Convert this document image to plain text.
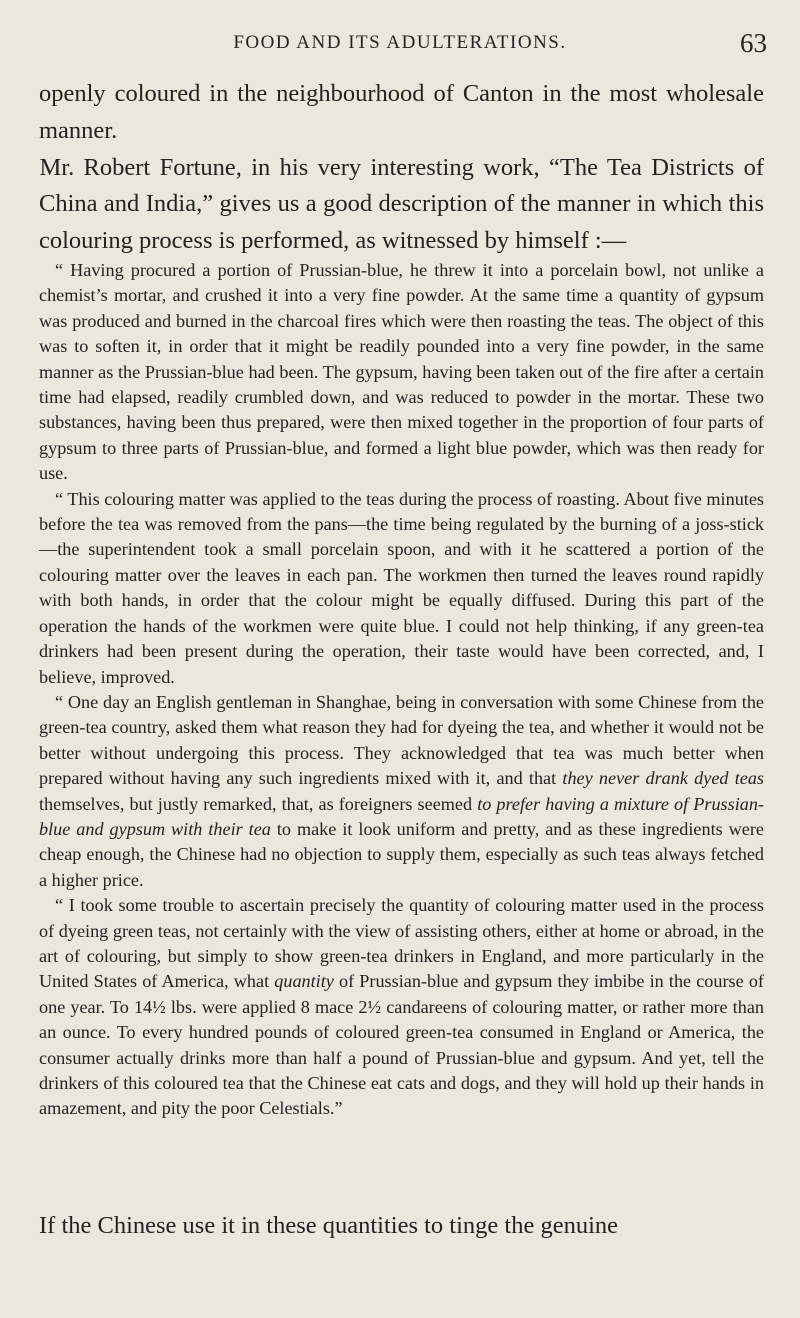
FOOD AND ITS ADULTERATIONS.	63

openly coloured in the neighbourhood of Canton in the most wholesale manner.

Mr. Robert Fortune, in his very interesting work, “The Tea Districts of China and India,” gives us a good description of the manner in which this colouring process is performed, as witnessed by himself :—

“ Having procured a portion of Prussian-blue, he threw it into a porcelain bowl, not unlike a chemist’s mortar, and crushed it into a very fine powder. At the same time a quantity of gypsum was produced and burned in the charcoal fires which were then roasting the teas. The object of this was to soften it, in order that it might be readily pounded into a very fine powder, in the same manner as the Prussian-blue had been. The gypsum, having been taken out of the fire after a certain time had elapsed, readily crumbled down, and was reduced to powder in the mortar. These two substances, having been thus prepared, were then mixed together in the proportion of four parts of gypsum to three parts of Prussian-blue, and formed a light blue powder, which was then ready for use.

“ This colouring matter was applied to the teas during the process of roasting. About five minutes before the tea was removed from the pans—the time being regulated by the burning of a joss-stick—the superintendent took a small porcelain spoon, and with it he scattered a portion of the colouring matter over the leaves in each pan. The workmen then turned the leaves round rapidly with both hands, in order that the colour might be equally diffused. During this part of the operation the hands of the workmen were quite blue. I could not help thinking, if any green-tea drinkers had been present during the operation, their taste would have been corrected, and, I believe, improved.

“ One day an English gentleman in Shanghae, being in conversation with some Chinese from the green-tea country, asked them what reason they had for dyeing the tea, and whether it would not be better without undergoing this process. They acknowledged that tea was much better when prepared without having any such ingredients mixed with it, and that they never drank dyed teas themselves, but justly remarked, that, as foreigners seemed to prefer having a mixture of Prussian-blue and gypsum with their tea to make it look uniform and pretty, and as these ingredients were cheap enough, the Chinese had no objection to supply them, especially as such teas always fetched a higher price.

“ I took some trouble to ascertain precisely the quantity of colouring matter used in the process of dyeing green teas, not certainly with the view of assisting others, either at home or abroad, in the art of colouring, but simply to show green-tea drinkers in England, and more particularly in the United States of America, what quantity of Prussian-blue and gypsum they imbibe in the course of one year. To 14½ lbs. were applied 8 mace 2½ candareens of colouring matter, or rather more than an ounce. To every hundred pounds of coloured green-tea consumed in England or America, the consumer actually drinks more than half a pound of Prussian-blue and gypsum. And yet, tell the drinkers of this coloured tea that the Chinese eat cats and dogs, and they will hold up their hands in amazement, and pity the poor Celestials.”

If the Chinese use it in these quantities to tinge the genuine
